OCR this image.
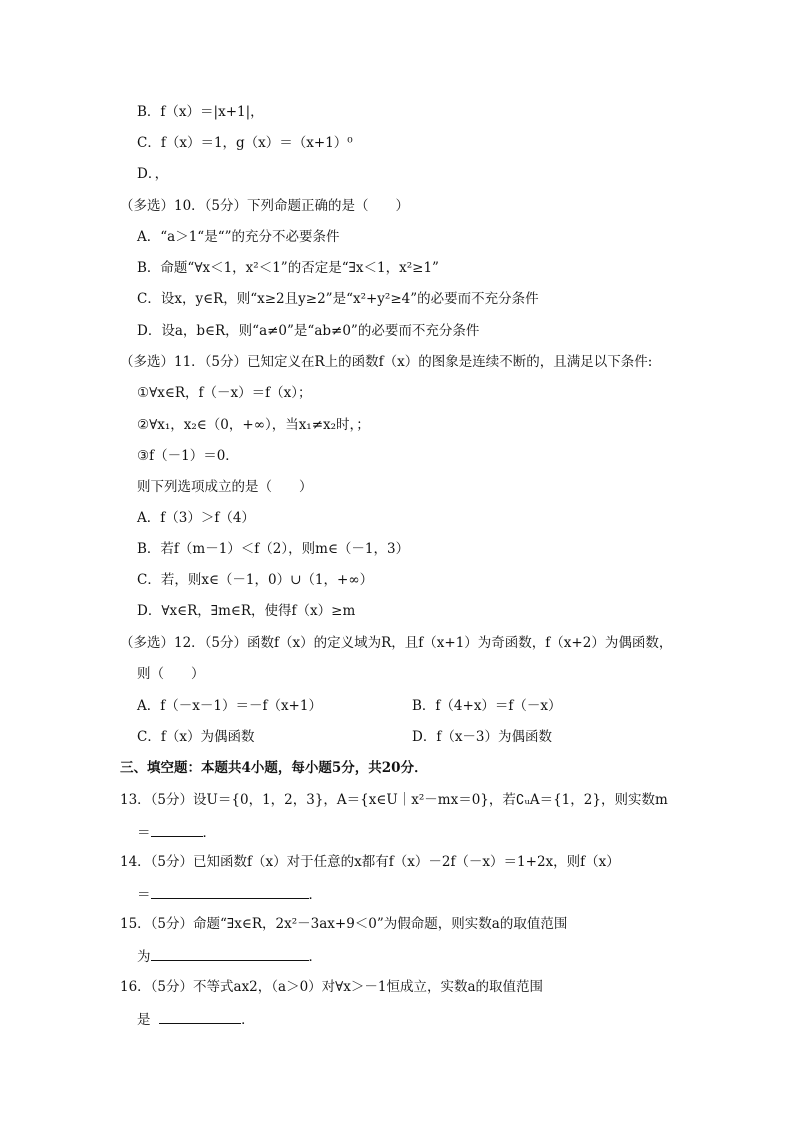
B．f（x）＝|x+1|，
C．f（x）＝1，g（x）＝（x+1）⁰
D．，
（多选）10．（5分）下列命题正确的是（　　）
A．“a＞1“是“”的充分不必要条件
B．命题“∀x＜1，x²＜1”的否定是“∃x＜1，x²≥1”
C．设x，y∈R，则“x≥2且y≥2”是“x²+y²≥4”的必要而不充分条件
D．设a，b∈R，则“a≠0”是“ab≠0”的必要而不充分条件
（多选）11．（5分）已知定义在R上的函数f（x）的图象是连续不断的，且满足以下条件:
①∀x∈R，f（－x）＝f（x）；
②∀x₁，x₂∈（0，+∞），当x₁≠x₂时，；
③f（－1）＝0．
则下列选项成立的是（　　）
A．f（3）＞f（4）
B．若f（m－1）＜f（2），则m∈（－1，3）
C．若，则x∈（－1，0）∪（1，+∞）
D．∀x∈R，∃m∈R，使得f（x）≥m
（多选）12．（5分）函数f（x）的定义域为R，且f（x+1）为奇函数，f（x+2）为偶函数，
则（　　）
A．f（－x－1）＝－f（x+1）	B．f（4+x）＝f（－x）
C．f（x）为偶函数	D．f（x－3）为偶函数
三、填空题：本题共4小题，每小题5分，共20分．
13．（5分）设U＝{0，1，2，3}，A＝{x∈U｜x²－mx＝0}，若∁ᵤA＝{1，2}，则实数m
＝	．
14．（5分）已知函数f（x）对于任意的x都有f（x）－2f（－x）＝1+2x，则f（x）
＝	．
15．（5分）命题“∃x∈R，2x²－3ax+9＜0”为假命题，则实数a的取值范围
为	．
16．（5分）不等式ax2，（a＞0）对∀x＞－1恒成立，实数a的取值范围
是	．
